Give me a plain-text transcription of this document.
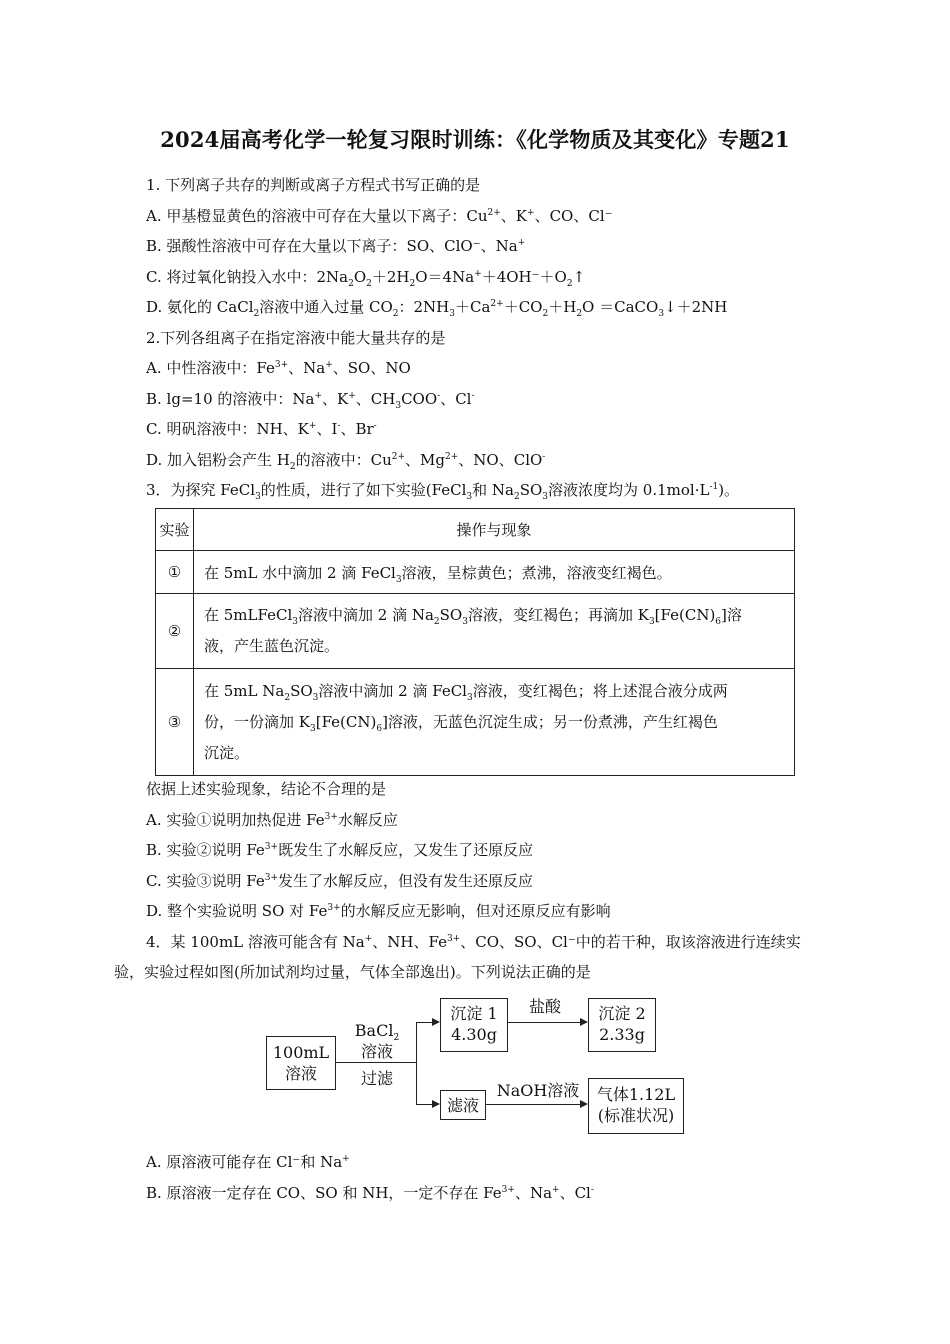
2024届高考化学一轮复习限时训练：《化学物质及其变化》专题21
1. 下列离子共存的判断或离子方程式书写正确的是
A. 甲基橙显黄色的溶液中可存在大量以下离子：$Cu^{2+}$、K+、CO、Cl⁻
B. 强酸性溶液中可存在大量以下离子：SO、ClO⁻、Na+
C. 将过氧化钠投入水中：$2Na_2O_2+2H_2O=4Na^++4OH^-+O_2↑$
D. 氨化的 CaCl$_2$溶液中通入过量 $CO_2$：$2NH_3+Ca^{2+}+CO_2+H_2O$ ＝CaCO$_3$↓＋2NH
2.下列各组离子在指定溶液中能大量共存的是
A. 中性溶液中：$Fe^{3+}$、Na+、SO、NO
B. lg=10 的溶液中：Na+、K+、$CH_3COO^-$、Cl-
C. 明矾溶液中：NH、K+、I-、Br-
D. 加入铝粉会产生 $H_2$的溶液中：$Cu^{2+}$、$Mg^{2+}$、NO、ClO-
3．为探究 FeCl$_3$的性质，进行了如下实验(FeCl$_3$和 $Na_2SO_3$溶液浓度均为 $0.1mol\cdot L^{-1}$)。
实验	操作与现象
①	在 5mL 水中滴加 2 滴 FeCl$_3$溶液，呈棕黄色；煮沸，溶液变红褐色。
②	在 5mLFeCl$_3$溶液中滴加 2 滴 $Na_2SO_3$溶液，变红褐色；再滴加 $K_3[Fe(CN)_6]$溶
液，产生蓝色沉淀。
③	在 5mL $Na_2SO_3$溶液中滴加 2 滴 FeCl$_3$溶液，变红褐色；将上述混合液分成两
份，一份滴加 $K_3[Fe(CN)_6]$溶液，无蓝色沉淀生成；另一份煮沸，产生红褐色
沉淀。
依据上述实验现象，结论不合理的是
A. 实验①说明加热促进 $Fe^{3+}$水解反应
B. 实验②说明 $Fe^{3+}$既发生了水解反应，又发生了还原反应
C. 实验③说明 $Fe^{3+}$发生了水解反应，但没有发生还原反应
D. 整个实验说明 SO 对 $Fe^{3+}$的水解反应无影响，但对还原反应有影响
4．某 100mL 溶液可能含有 Na+、NH、$Fe^{3+}$、CO、SO、Cl⁻中的若干种，取该溶液进行连续实
验，实验过程如图(所加试剂均过量，气体全部逸出)。下列说法正确的是
100mL
溶液
BaCl$_2$
溶液
过滤
沉淀 1
4.30g
盐酸	沉淀 2
2.33g
滤液
NaOH溶液	气体1.12L
(标准状况)
A. 原溶液可能存在 Cl⁻和 Na+
B. 原溶液一定存在 CO、SO 和 NH，一定不存在 $Fe^{3+}$、Na+、Cl-
